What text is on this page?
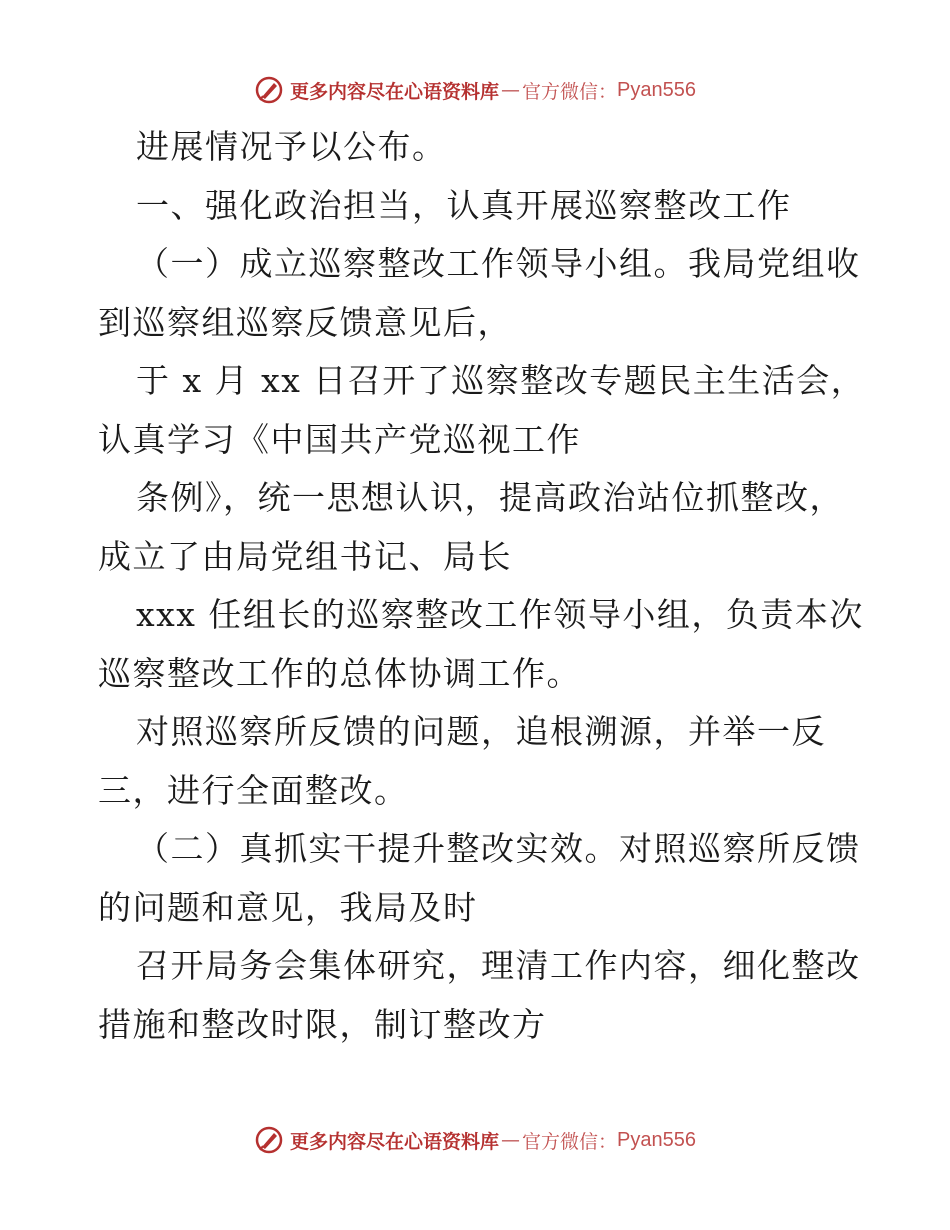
更多内容尽在心语资料库 — 官方微信： Pyan556
进展情况予以公布。
一、强化政治担当，认真开展巡察整改工作
（一）成立巡察整改工作领导小组。我局党组收
到巡察组巡察反馈意见后，
于 x 月 xx 日召开了巡察整改专题民主生活会，
认真学习《中国共产党巡视工作
条例》，统一思想认识，提高政治站位抓整改，
成立了由局党组书记、局长
xxx 任组长的巡察整改工作领导小组，负责本次
巡察整改工作的总体协调工作。
对照巡察所反馈的问题，追根溯源，并举一反
三，进行全面整改。
（二）真抓实干提升整改实效。对照巡察所反馈
的问题和意见，我局及时
召开局务会集体研究，理清工作内容，细化整改
措施和整改时限，制订整改方
更多内容尽在心语资料库 — 官方微信： Pyan556
